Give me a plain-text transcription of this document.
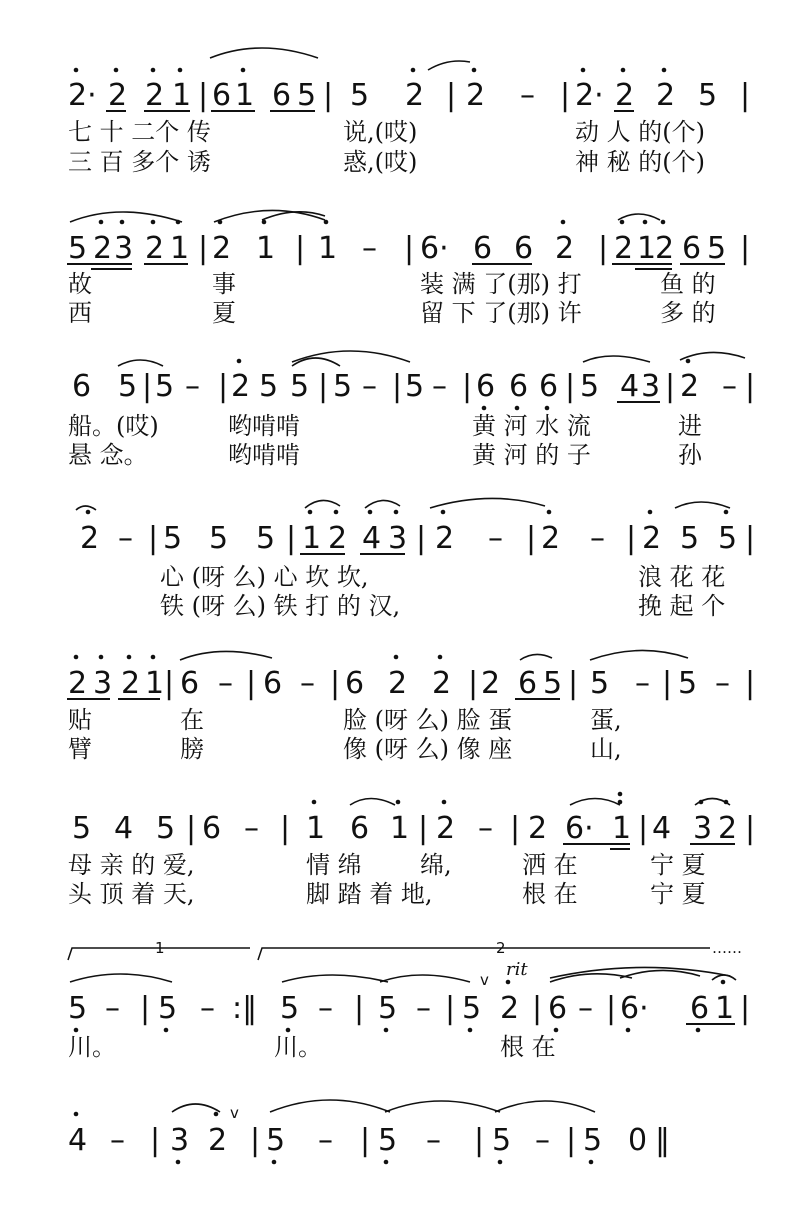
2· 2 2 1 | 6 1 6 5 | 5 2 | 2 – | 2· 2 2 5 |
七 十 二个 传	说,(哎)	动 人 的(个)
三 百 多个 诱	惑,(哎)	神 秘 的(个)
5 2 3 2 1 | 2 1 | 1 – | 6· 6 6 2 | 2 1
2 6 5 |
故	事	装 满 了(那) 打	鱼 的
西	夏	留 下 了(那) 许	多 的
6 5 | 5 – | 2 5 5 | 5 – | 5 – | 6 6 6 | 5 4 3 | 2 – |
船。(哎)	哟啃啃	黄 河 水 流	进
悬 念。	哟啃啃	黄 河 的 子	孙
2 – | 5 5 5 | 1 2 4 3 | 2 – | 2 – | 2 5 5 |
心 (呀 么) 心 坎 坎,	浪 花 花
铁 (呀 么) 铁 打 的 汉,	挽 起 个
2 3 2 1 | 6 – | 6 – | 6 2 2 | 2 6 5 | 5 – | 5 – |
贴	在	脸 (呀 么) 脸 蛋	蛋,
臂	膀	像 (呀 么) 像 座	山,
5 4 5 | 6 – | 1 6 1 | 2 – | 2 6· 1 | 4 3 2 |
母 亲 的 爱,	情 绵 绵,	洒 在	宁 夏
头 顶 着 天,	脚 踏 着 地,	根 在	宁 夏
1	2	……
rit
v
5 – | 5 – :‖ 5 – | 5 – | 5 2 | 6 – | 6· 6 1 |
川。	川。	根 在
v
4 – | 3 2 | 5 – | 5 – | 5 – | 5 0 ‖
